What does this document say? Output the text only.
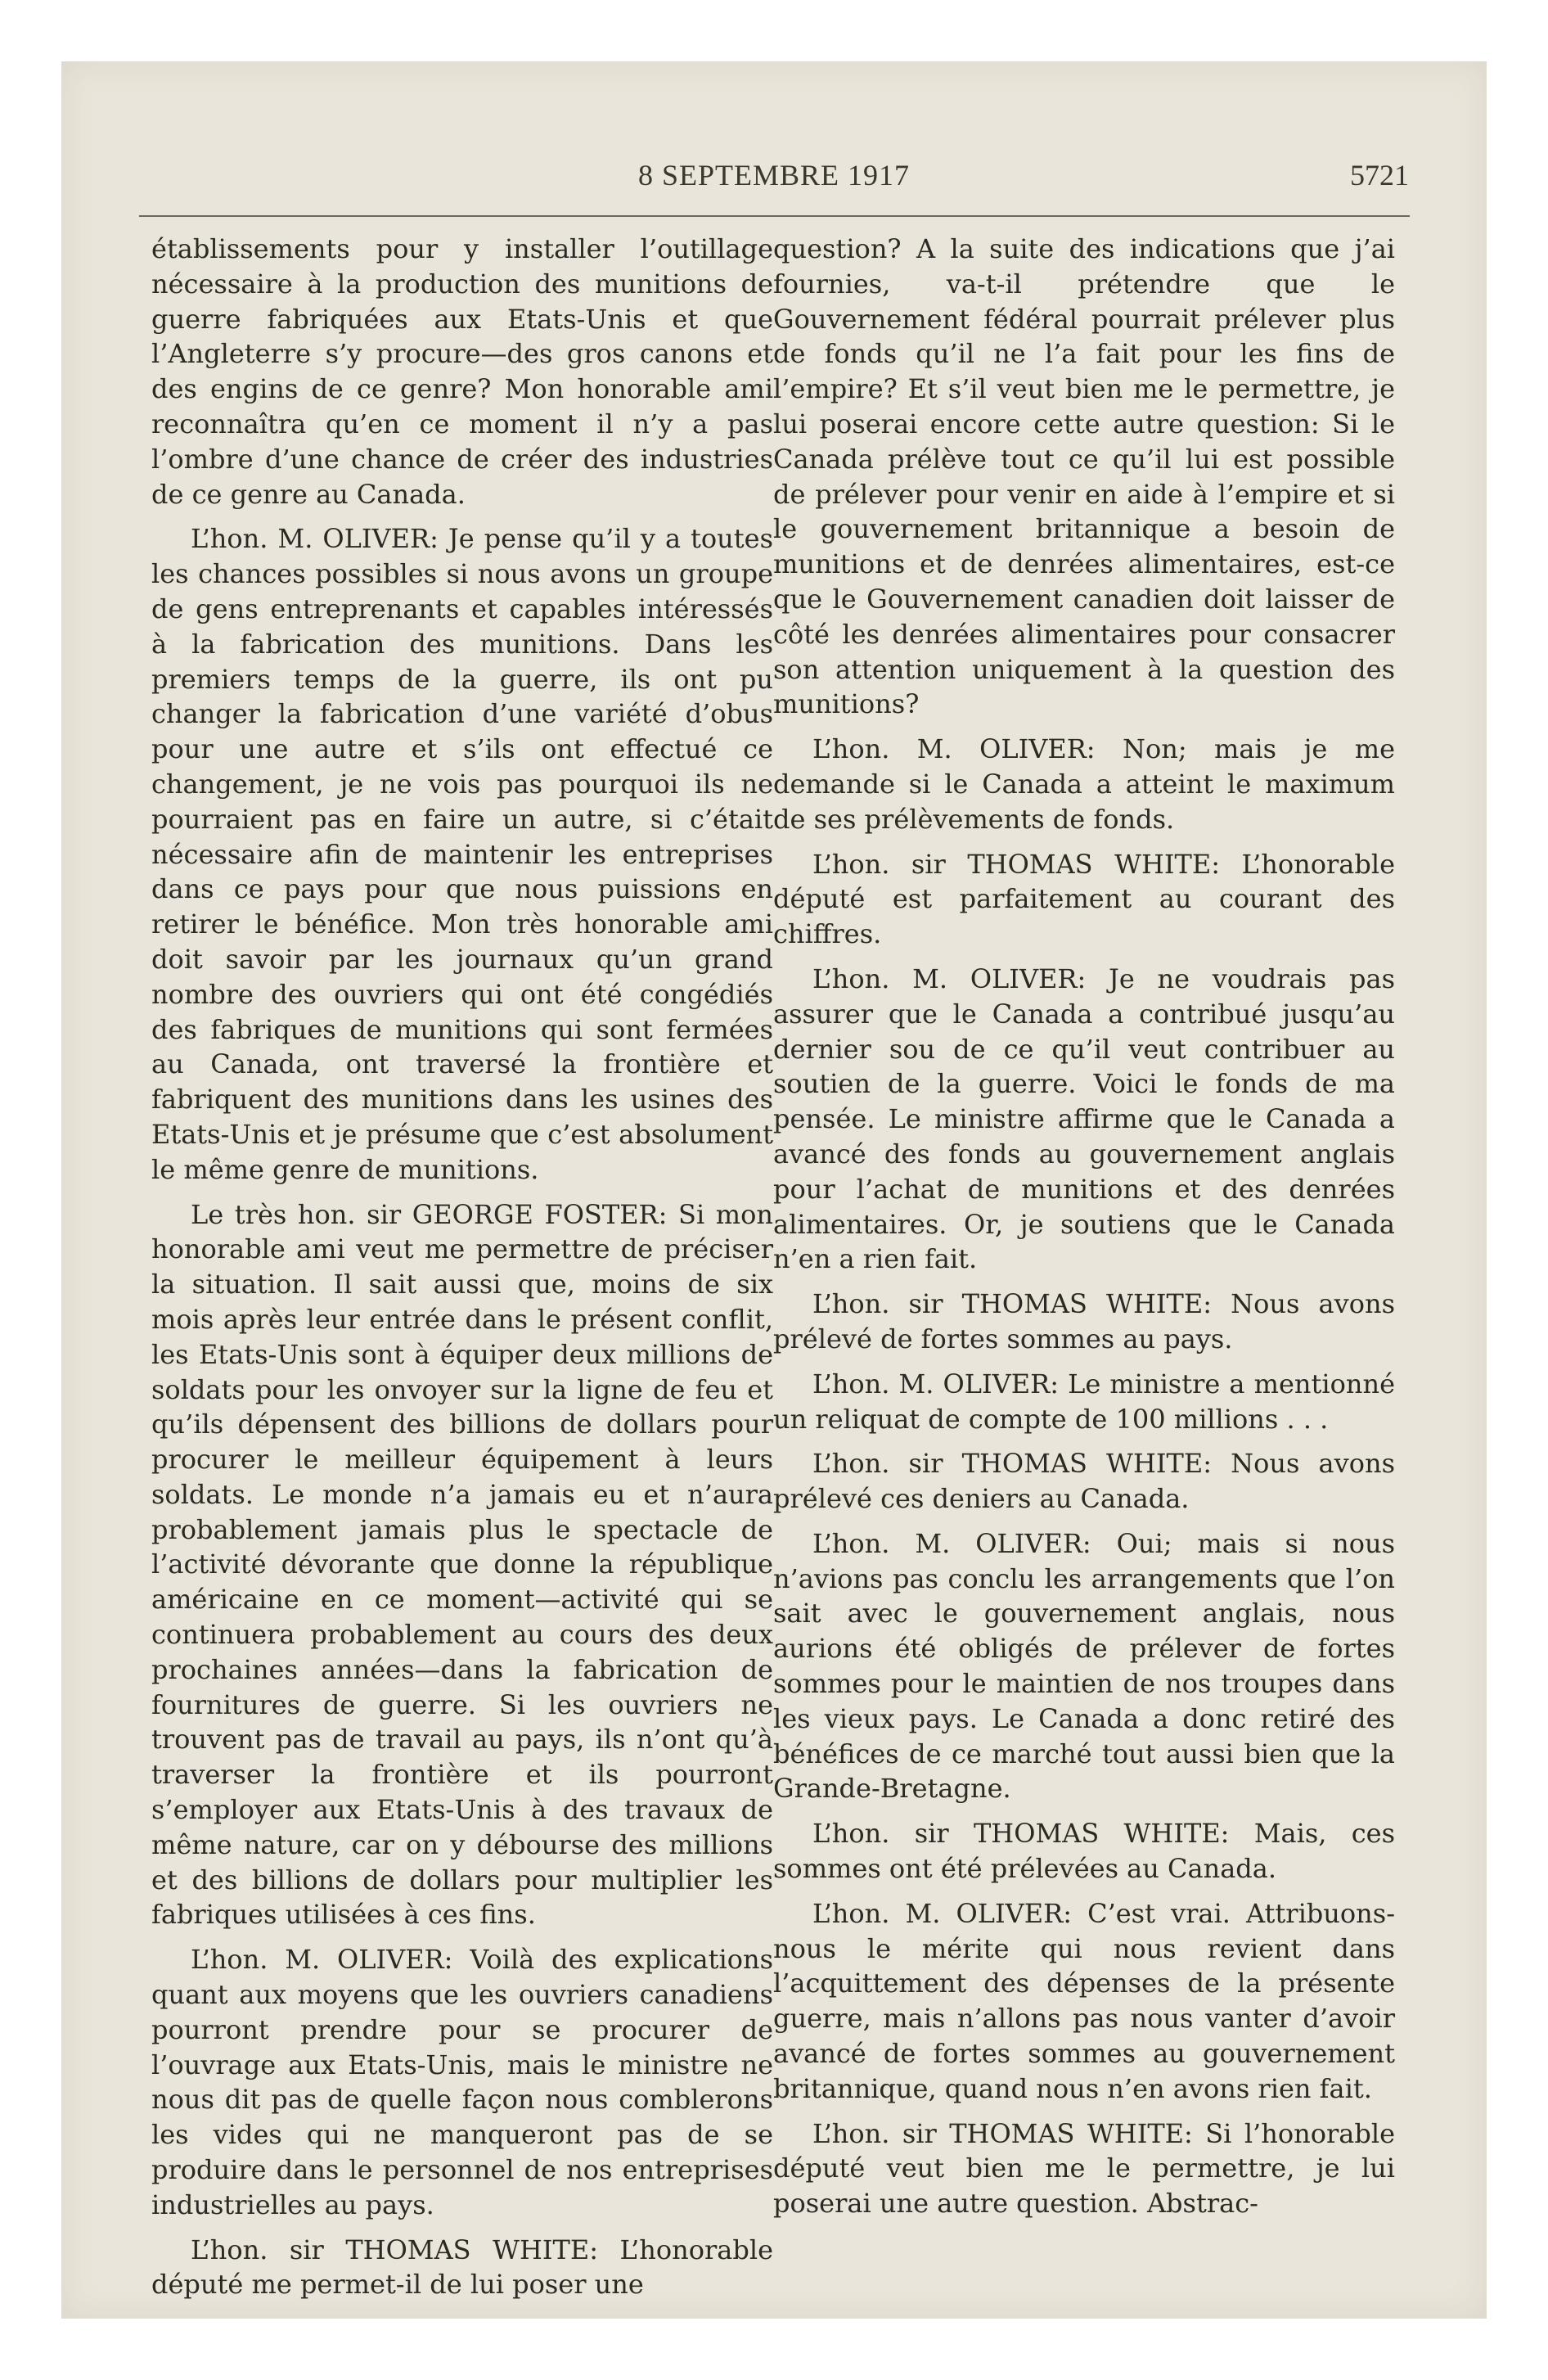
8 SEPTEMBRE 1917	5721

établissements pour y installer l’outillage nécessaire à la production des munitions de guerre fabriquées aux Etats-Unis et que l’Angleterre s’y procure—des gros canons et des engins de ce genre? Mon honorable ami reconnaîtra qu’en ce moment il n’y a pas l’ombre d’une chance de créer des industries de ce genre au Canada.

L’hon. M. OLIVER: Je pense qu’il y a toutes les chances possibles si nous avons un groupe de gens entreprenants et capables intéressés à la fabrication des munitions. Dans les premiers temps de la guerre, ils ont pu changer la fabrication d’une variété d’obus pour une autre et s’ils ont effectué ce changement, je ne vois pas pourquoi ils ne pourraient pas en faire un autre, si c’était nécessaire afin de maintenir les entreprises dans ce pays pour que nous puissions en retirer le bénéfice. Mon très honorable ami doit savoir par les journaux qu’un grand nombre des ouvriers qui ont été congédiés des fabriques de munitions qui sont fermées au Canada, ont traversé la frontière et fabriquent des munitions dans les usines des Etats-Unis et je présume que c’est absolument le même genre de munitions.

Le très hon. sir GEORGE FOSTER: Si mon honorable ami veut me permettre de préciser la situation. Il sait aussi que, moins de six mois après leur entrée dans le présent conflit, les Etats-Unis sont à équiper deux millions de soldats pour les onvoyer sur la ligne de feu et qu’ils dépensent des billions de dollars pour procurer le meilleur équipement à leurs soldats. Le monde n’a jamais eu et n’aura probablement jamais plus le spectacle de l’activité dévorante que donne la république américaine en ce moment—activité qui se continuera probablement au cours des deux prochaines années—dans la fabrication de fournitures de guerre. Si les ouvriers ne trouvent pas de travail au pays, ils n’ont qu’à traverser la frontière et ils pourront s’employer aux Etats-Unis à des travaux de même nature, car on y débourse des millions et des billions de dollars pour multiplier les fabriques utilisées à ces fins.

L’hon. M. OLIVER: Voilà des explications quant aux moyens que les ouvriers canadiens pourront prendre pour se procurer de l’ouvrage aux Etats-Unis, mais le ministre ne nous dit pas de quelle façon nous comblerons les vides qui ne manqueront pas de se produire dans le personnel de nos entreprises industrielles au pays.

L’hon. sir THOMAS WHITE: L’honorable député me permet-il de lui poser une

question? A la suite des indications que j’ai fournies, va-t-il prétendre que le Gouvernement fédéral pourrait prélever plus de fonds qu’il ne l’a fait pour les fins de l’empire? Et s’il veut bien me le permettre, je lui poserai encore cette autre question: Si le Canada prélève tout ce qu’il lui est possible de prélever pour venir en aide à l’empire et si le gouvernement britannique a besoin de munitions et de denrées alimentaires, est-ce que le Gouvernement canadien doit laisser de côté les denrées alimentaires pour consacrer son attention uniquement à la question des munitions?

L’hon. M. OLIVER: Non; mais je me demande si le Canada a atteint le maximum de ses prélèvements de fonds.

L’hon. sir THOMAS WHITE: L’honorable député est parfaitement au courant des chiffres.

L’hon. M. OLIVER: Je ne voudrais pas assurer que le Canada a contribué jusqu’au dernier sou de ce qu’il veut contribuer au soutien de la guerre. Voici le fonds de ma pensée. Le ministre affirme que le Canada a avancé des fonds au gouvernement anglais pour l’achat de munitions et des denrées alimentaires. Or, je soutiens que le Canada n’en a rien fait.

L’hon. sir THOMAS WHITE: Nous avons prélevé de fortes sommes au pays.

L’hon. M. OLIVER: Le ministre a mentionné un reliquat de compte de 100 millions . . .

L’hon. sir THOMAS WHITE: Nous avons prélevé ces deniers au Canada.

L’hon. M. OLIVER: Oui; mais si nous n’avions pas conclu les arrangements que l’on sait avec le gouvernement anglais, nous aurions été obligés de prélever de fortes sommes pour le maintien de nos troupes dans les vieux pays. Le Canada a donc retiré des bénéfices de ce marché tout aussi bien que la Grande-Bretagne.

L’hon. sir THOMAS WHITE: Mais, ces sommes ont été prélevées au Canada.

L’hon. M. OLIVER: C’est vrai. Attribuons-nous le mérite qui nous revient dans l’acquittement des dépenses de la présente guerre, mais n’allons pas nous vanter d’avoir avancé de fortes sommes au gouvernement britannique, quand nous n’en avons rien fait.

L’hon. sir THOMAS WHITE: Si l’honorable député veut bien me le permettre, je lui poserai une autre question. Abstrac-
